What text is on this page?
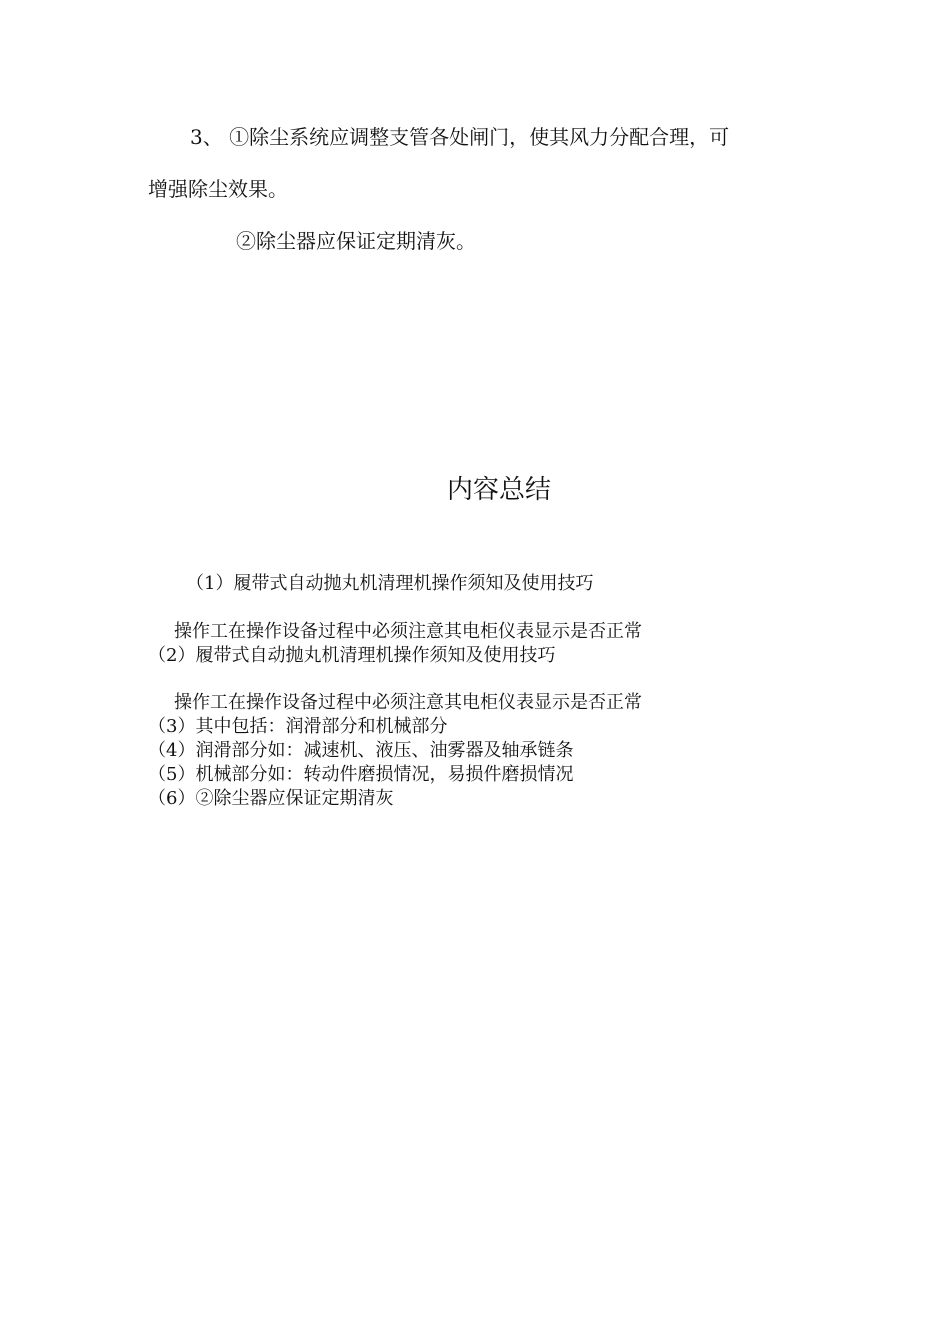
3、 ①除尘系统应调整支管各处闸门，使其风力分配合理，可
增强除尘效果。
②除尘器应保证定期清灰。
内容总结
（1）履带式自动抛丸机清理机操作须知及使用技巧
操作工在操作设备过程中必须注意其电柜仪表显示是否正常
（2）履带式自动抛丸机清理机操作须知及使用技巧
操作工在操作设备过程中必须注意其电柜仪表显示是否正常
（3）其中包括：润滑部分和机械部分
（4）润滑部分如：减速机、液压、油雾器及轴承链条
（5）机械部分如：转动件磨损情况，易损件磨损情况
（6）②除尘器应保证定期清灰
